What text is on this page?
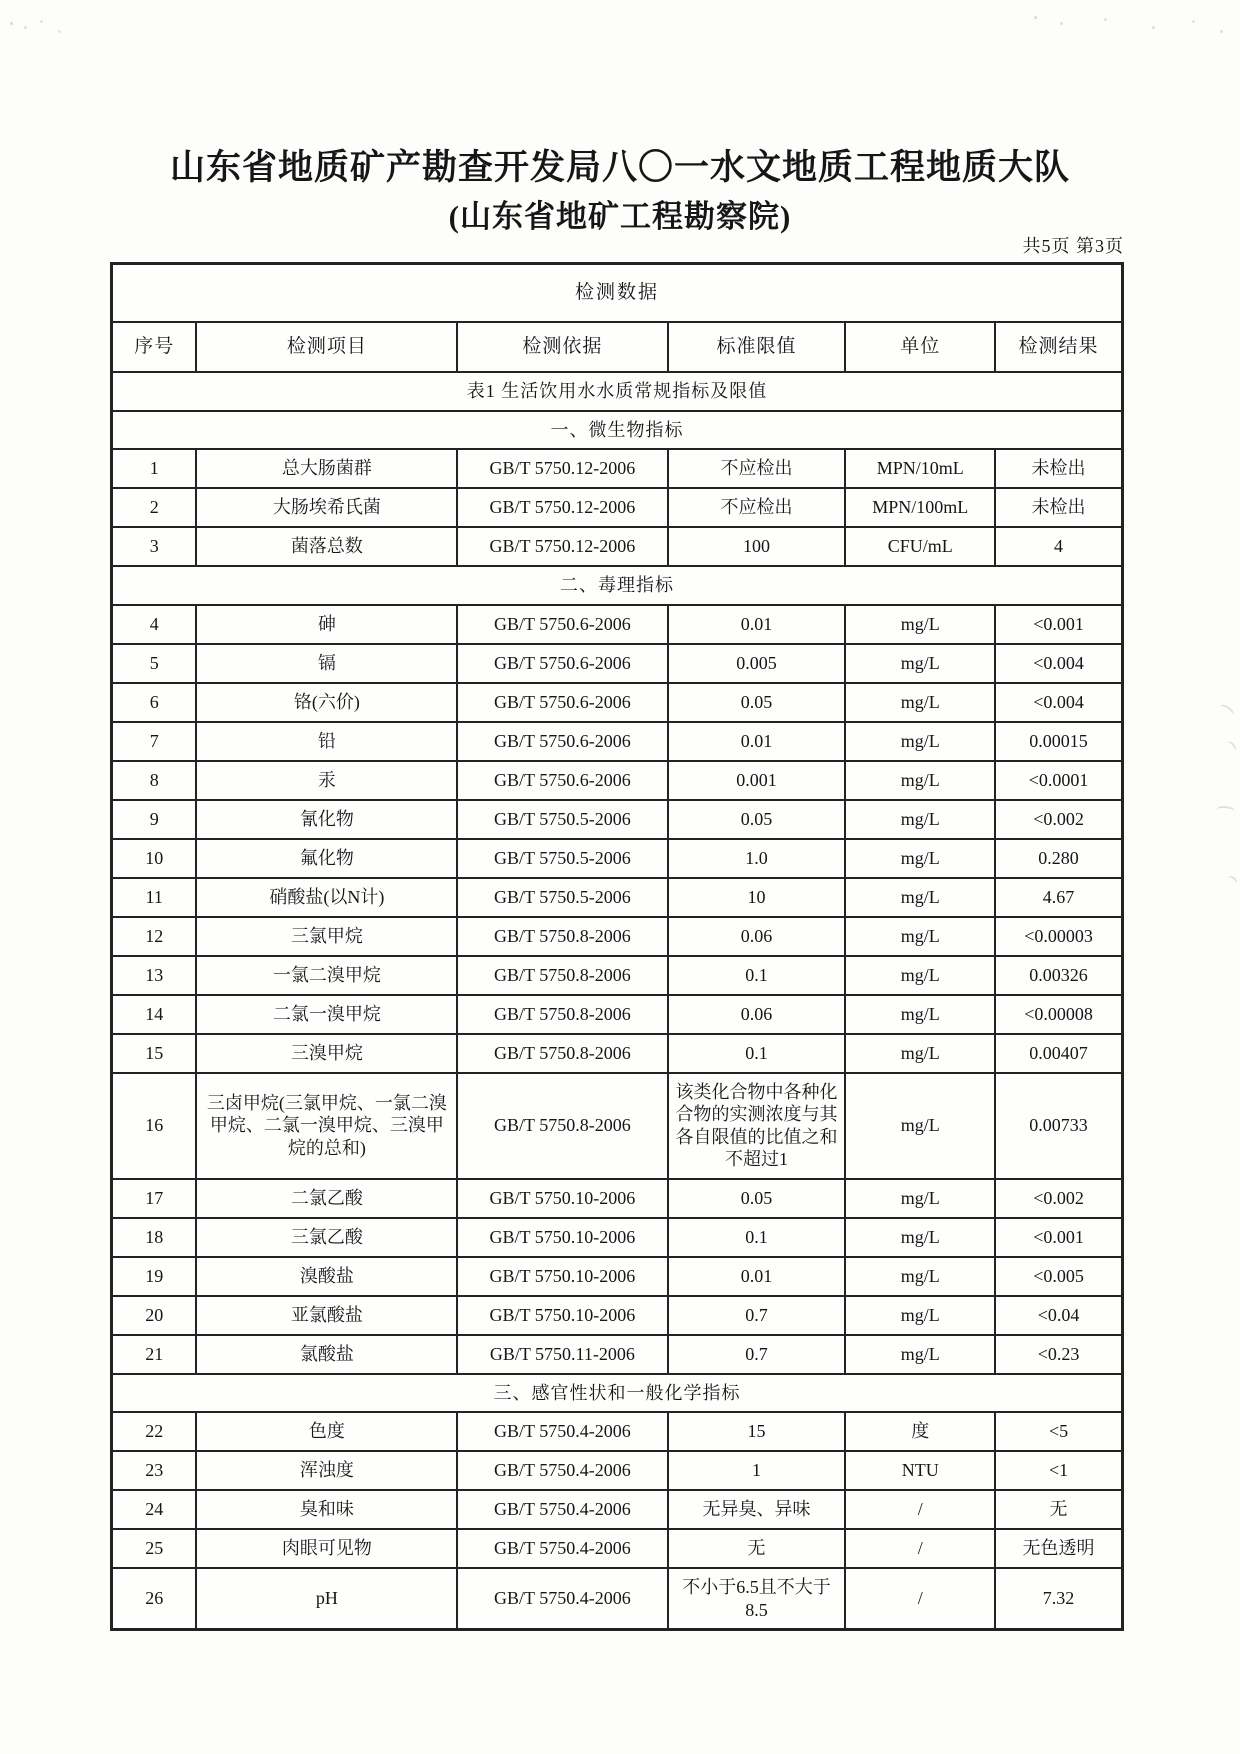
山东省地质矿产勘查开发局八〇一水文地质工程地质大队
(山东省地矿工程勘察院)
共5页 第3页
检测数据					
序号	检测项目	检测依据	标准限值	单位	检测结果
表1 生活饮用水水质常规指标及限值					
一、微生物指标					
1	总大肠菌群	GB/T 5750.12-2006	不应检出	MPN/10mL	未检出
2	大肠埃希氏菌	GB/T 5750.12-2006	不应检出	MPN/100mL	未检出
3	菌落总数	GB/T 5750.12-2006	100	CFU/mL	4
二、毒理指标					
4	砷	GB/T 5750.6-2006	0.01	mg/L	<0.001
5	镉	GB/T 5750.6-2006	0.005	mg/L	<0.004
6	铬(六价)	GB/T 5750.6-2006	0.05	mg/L	<0.004
7	铅	GB/T 5750.6-2006	0.01	mg/L	0.00015
8	汞	GB/T 5750.6-2006	0.001	mg/L	<0.0001
9	氰化物	GB/T 5750.5-2006	0.05	mg/L	<0.002
10	氟化物	GB/T 5750.5-2006	1.0	mg/L	0.280
11	硝酸盐(以N计)	GB/T 5750.5-2006	10	mg/L	4.67
12	三氯甲烷	GB/T 5750.8-2006	0.06	mg/L	<0.00003
13	一氯二溴甲烷	GB/T 5750.8-2006	0.1	mg/L	0.00326
14	二氯一溴甲烷	GB/T 5750.8-2006	0.06	mg/L	<0.00008
15	三溴甲烷	GB/T 5750.8-2006	0.1	mg/L	0.00407
16	三卤甲烷(三氯甲烷、一氯二溴甲烷、二氯一溴甲烷、三溴甲烷的总和)	GB/T 5750.8-2006	该类化合物中各种化合物的实测浓度与其各自限值的比值之和不超过1	mg/L	0.00733
17	二氯乙酸	GB/T 5750.10-2006	0.05	mg/L	<0.002
18	三氯乙酸	GB/T 5750.10-2006	0.1	mg/L	<0.001
19	溴酸盐	GB/T 5750.10-2006	0.01	mg/L	<0.005
20	亚氯酸盐	GB/T 5750.10-2006	0.7	mg/L	<0.04
21	氯酸盐	GB/T 5750.11-2006	0.7	mg/L	<0.23
三、感官性状和一般化学指标					
22	色度	GB/T 5750.4-2006	15	度	<5
23	浑浊度	GB/T 5750.4-2006	1	NTU	<1
24	臭和味	GB/T 5750.4-2006	无异臭、异味	/	无
25	肉眼可见物	GB/T 5750.4-2006	无	/	无色透明
26	pH	GB/T 5750.4-2006	不小于6.5且不大于8.5	/	7.32
